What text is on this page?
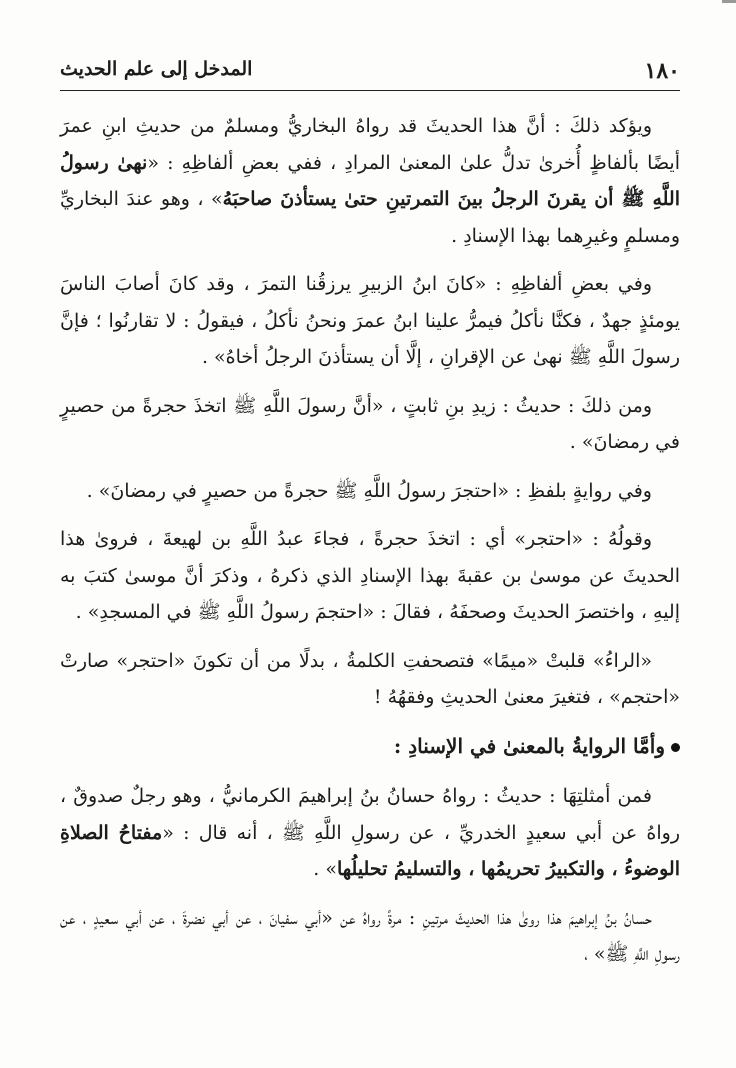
١٨٠
المدخل إلى علم الحديث

ويؤكد ذلكَ : أنَّ هذا الحديثَ قد رواهُ البخاريُّ ومسلمٌ من حديثِ ابنِ عمرَ أيضًا بألفاظٍ أُخرىٰ تدلُّ علىٰ المعنىٰ المرادِ ، ففي بعضِ ألفاظِهِ : «نهىٰ رسولُ اللَّهِ ﷺ أن يقرنَ الرجلُ بينَ التمرتينِ حتىٰ يستأذنَ صاحبَهُ» ، وهو عندَ البخاريِّ ومسلمٍ وغيرِهما بهذا الإسنادِ .

وفي بعضِ ألفاظِهِ : «كانَ ابنُ الزبيرِ يرزقُنا التمرَ ، وقد كانَ أصابَ الناسَ يومئذٍ جهدٌ ، فكنَّا نأكلُ فيمرُّ علينا ابنُ عمرَ ونحنُ نأكلُ ، فيقولُ : لا تقارنُوا ؛ فإنَّ رسولَ اللَّهِ ﷺ نهىٰ عن الإقرانِ ، إلَّا أن يستأذنَ الرجلُ أخاهُ» .

ومن ذلكَ : حديثُ : زيدِ بنِ ثابتٍ ، «أنَّ رسولَ اللَّهِ ﷺ اتخذَ حجرةً من حصيرٍ في رمضانَ» .

وفي روايةٍ بلفظِ : «احتجرَ رسولُ اللَّهِ ﷺ حجرةً من حصيرٍ في رمضانَ» .

وقولُهُ : «احتجر» أي : اتخذَ حجرةً ، فجاءَ عبدُ اللَّهِ بن لهيعةَ ، فروىٰ هذا الحديثَ عن موسىٰ بن عقبةَ بهذا الإسنادِ الذي ذكرهُ ، وذكرَ أنَّ موسىٰ كتبَ به إليهِ ، واختصرَ الحديثَ وصحفَهُ ، فقالَ : «احتجمَ رسولُ اللَّهِ ﷺ في المسجدِ» .

«الراءُ» قلبتْ «ميمًا» فتصحفتِ الكلمةُ ، بدلًا من أن تكونَ «احتجر» صارتْ «احتجم» ، فتغيرَ معنىٰ الحديثِ وفقهُهُ !

وأمَّا الروايةُ بالمعنىٰ في الإسنادِ :

فمن أمثلتِهَا : حديثُ : رواهُ حسانُ بنُ إبراهيمَ الكرمانيُّ ، وهو رجلٌ صدوقٌ ، رواهُ عن أبي سعيدٍ الخدريِّ ، عن رسولِ اللَّهِ ﷺ ، أنه قال : «مفتاحُ الصلاةِ الوضوءُ ، والتكبيرُ تحريمُها ، والتسليمُ تحليلُها» .

حسانُ بنُ إبراهيمَ هذا روىٰ هذا الحديثَ مرتينِ : مرةً رواهُ عن «أبي سفيانَ ، عن أبي نضرةَ ، عن أبي سعيدٍ ، عن رسولِ اللَّهِ ﷺ» ،
